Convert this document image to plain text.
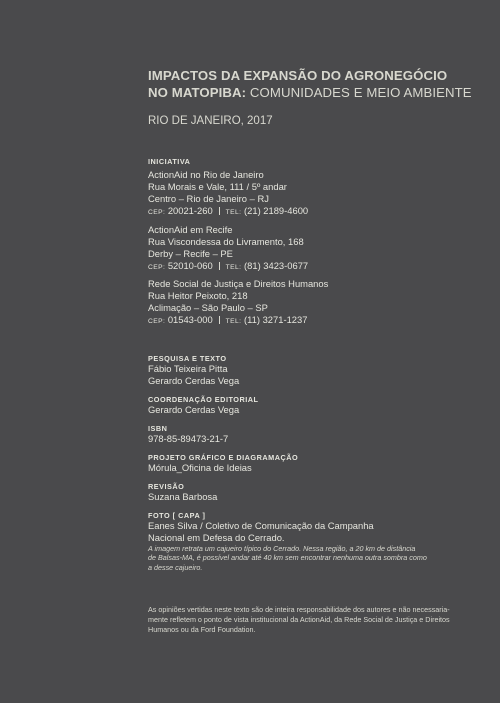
IMPACTOS DA EXPANSÃO DO AGRONEGÓCIO
NO MATOPIBA: COMUNIDADES E MEIO AMBIENTE
RIO DE JANEIRO, 2017
INICIATIVA
ActionAid no Rio de Janeiro
Rua Morais e Vale, 111 / 5º andar
Centro – Rio de Janeiro – RJ
CEP: 20021-260 TEL: (21) 2189-4600
ActionAid em Recife
Rua Viscondessa do Livramento, 168
Derby – Recife – PE
CEP: 52010-060 TEL: (81) 3423-0677
Rede Social de Justiça e Direitos Humanos
Rua Heitor Peixoto, 218
Aclimação – São Paulo – SP
CEP: 01543-000 TEL: (11) 3271-1237
PESQUISA E TEXTO
Fábio Teixeira Pitta
Gerardo Cerdas Vega
COORDENAÇÃO EDITORIAL
Gerardo Cerdas Vega
ISBN
978-85-89473-21-7
PROJETO GRÁFICO E DIAGRAMAÇÃO
Mórula_Oficina de Ideias
REVISÃO
Suzana Barbosa
FOTO [ CAPA ]
Eanes Silva / Coletivo de Comunicação da Campanha
Nacional em Defesa do Cerrado.
A imagem retrata um cajueiro típico do Cerrado. Nessa região, a 20 km de distância
de Balsas-MA, é possível andar até 40 km sem encontrar nenhuma outra sombra como
a desse cajueiro.
As opiniões vertidas neste texto são de inteira responsabilidade dos autores e não necessaria-
mente refletem o ponto de vista institucional da ActionAid, da Rede Social de Justiça e Direitos
Humanos ou da Ford Foundation.
